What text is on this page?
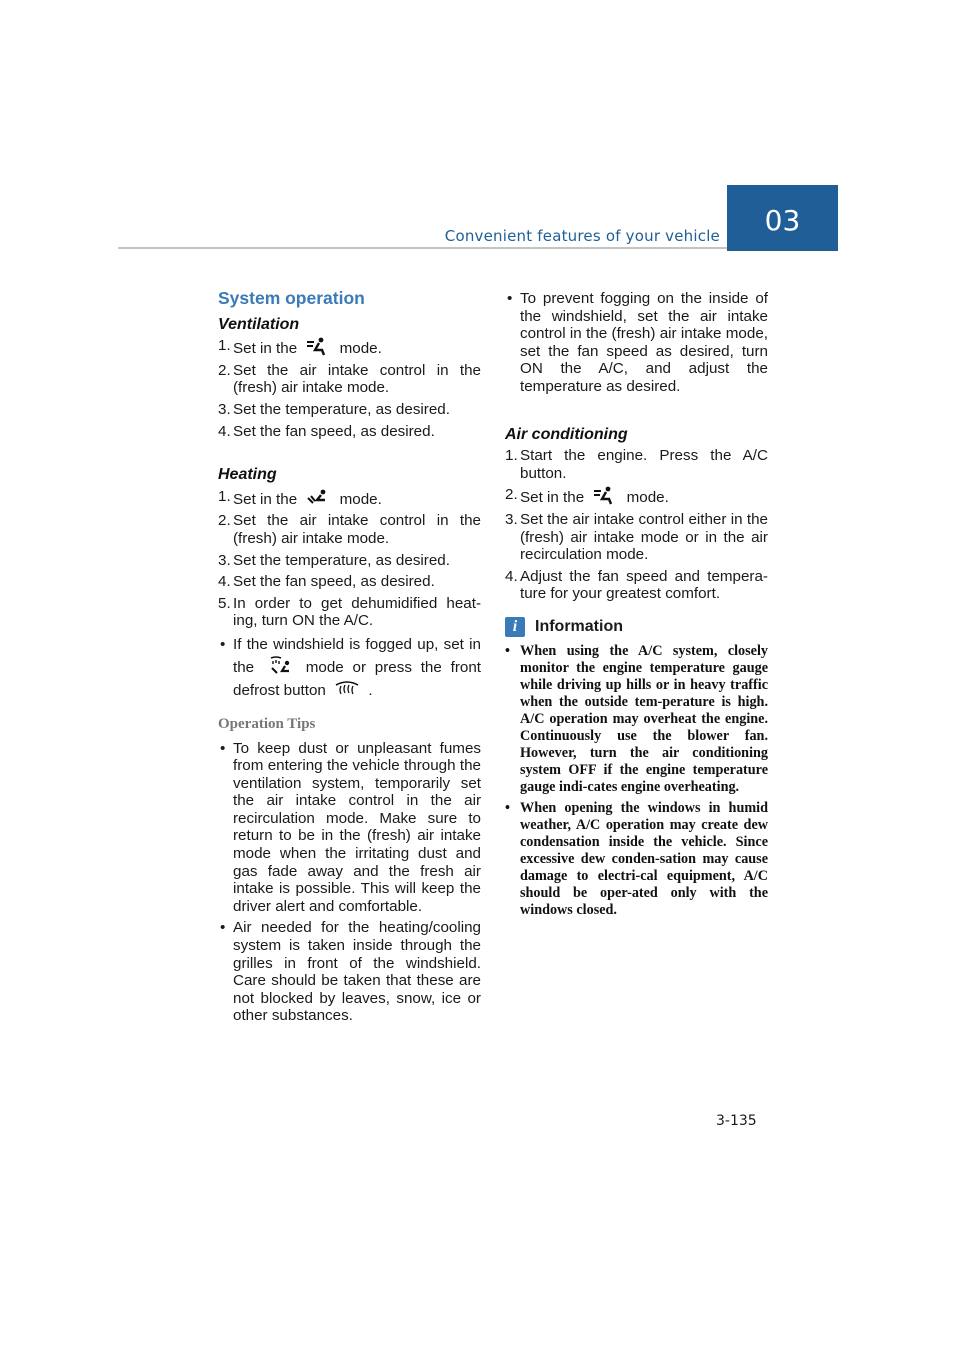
Convenient features of your vehicle	03
System operation
Ventilation
1. Set in the	mode.
2. Set the air intake control in the (fresh) air intake mode.
3. Set the temperature, as desired.
4. Set the fan speed, as desired.
Heating
1. Set in the	mode.
2. Set the air intake control in the (fresh) air intake mode.
3. Set the temperature, as desired.
4. Set the fan speed, as desired.
5. In order to get dehumidified heat-ing, turn ON the A/C.
• If the windshield is fogged up, set in the	mode or press the front defrost button	.
Operation Tips
• To keep dust or unpleasant fumes from entering the vehicle through the ventilation system, temporarily set the air intake control in the air recirculation mode. Make sure to return to be in the (fresh) air intake mode when the irritating dust and gas fade away and the fresh air intake is possible. This will keep the driver alert and comfortable.
• Air needed for the heating/cooling system is taken inside through the grilles in front of the windshield. Care should be taken that these are not blocked by leaves, snow, ice or other substances.
• To prevent fogging on the inside of the windshield, set the air intake control in the (fresh) air intake mode, set the fan speed as desired, turn ON the A/C, and adjust the temperature as desired.
Air conditioning
1. Start the engine. Press the A/C button.
2. Set in the	mode.
3. Set the air intake control either in the (fresh) air intake mode or in the air recirculation mode.
4. Adjust the fan speed and tempera-ture for your greatest comfort.
i	Information
• When using the A/C system, closely monitor the engine temperature gauge while driving up hills or in heavy traffic when the outside tem-perature is high. A/C operation may overheat the engine. Continuously use the blower fan. However, turn the air conditioning system OFF if the engine temperature gauge indi-cates engine overheating.
• When opening the windows in humid weather, A/C operation may create dew condensation inside the vehicle. Since excessive dew conden-sation may cause damage to electri-cal equipment, A/C should be oper-ated only with the windows closed.
3-135
